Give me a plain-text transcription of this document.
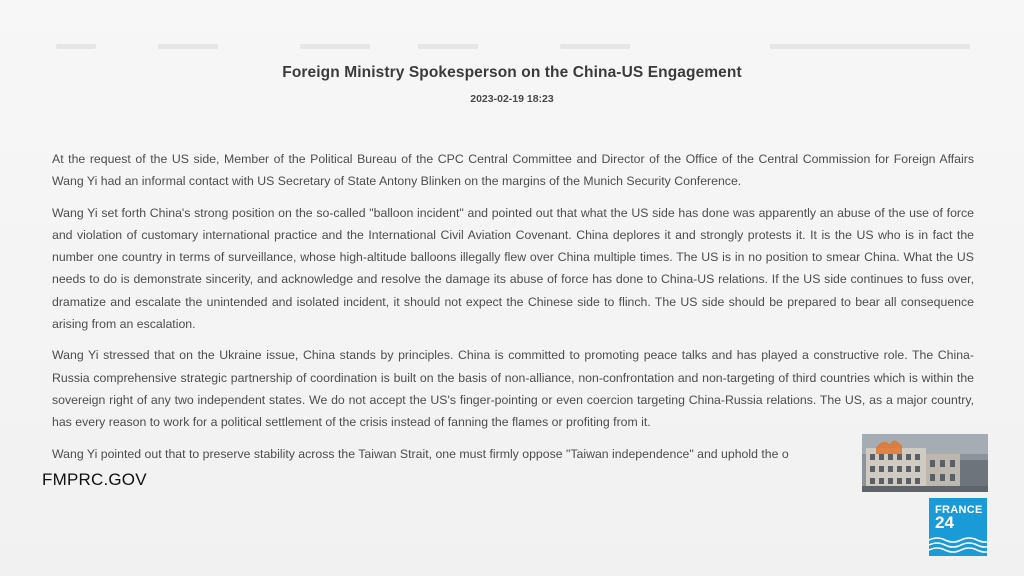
Foreign Ministry Spokesperson on the China-US Engagement
2023-02-19 18:23

At the request of the US side, Member of the Political Bureau of the CPC Central Committee and Director of the Office of the Central Commission for Foreign Affairs Wang Yi had an informal contact with US Secretary of State Antony Blinken on the margins of the Munich Security Conference.

Wang Yi set forth China's strong position on the so-called "balloon incident" and pointed out that what the US side has done was apparently an abuse of the use of force and violation of customary international practice and the International Civil Aviation Covenant. China deplores it and strongly protests it. It is the US who is in fact the number one country in terms of surveillance, whose high-altitude balloons illegally flew over China multiple times. The US is in no position to smear China. What the US needs to do is demonstrate sincerity, and acknowledge and resolve the damage its abuse of force has done to China-US relations. If the US side continues to fuss over, dramatize and escalate the unintended and isolated incident, it should not expect the Chinese side to flinch. The US side should be prepared to bear all consequence arising from an escalation.

Wang Yi stressed that on the Ukraine issue, China stands by principles. China is committed to promoting peace talks and has played a constructive role. The China-Russia comprehensive strategic partnership of coordination is built on the basis of non-alliance, non-confrontation and non-targeting of third countries which is within the sovereign right of any two independent states. We do not accept the US's finger-pointing or even coercion targeting China-Russia relations. The US, as a major country, has every reason to work for a political settlement of the crisis instead of fanning the flames or profiting from it.

Wang Yi pointed out that to preserve stability across the Taiwan Strait, one must firmly oppose "Taiwan independence" and uphold the o

FMPRC.GOV
FRANCE
24
